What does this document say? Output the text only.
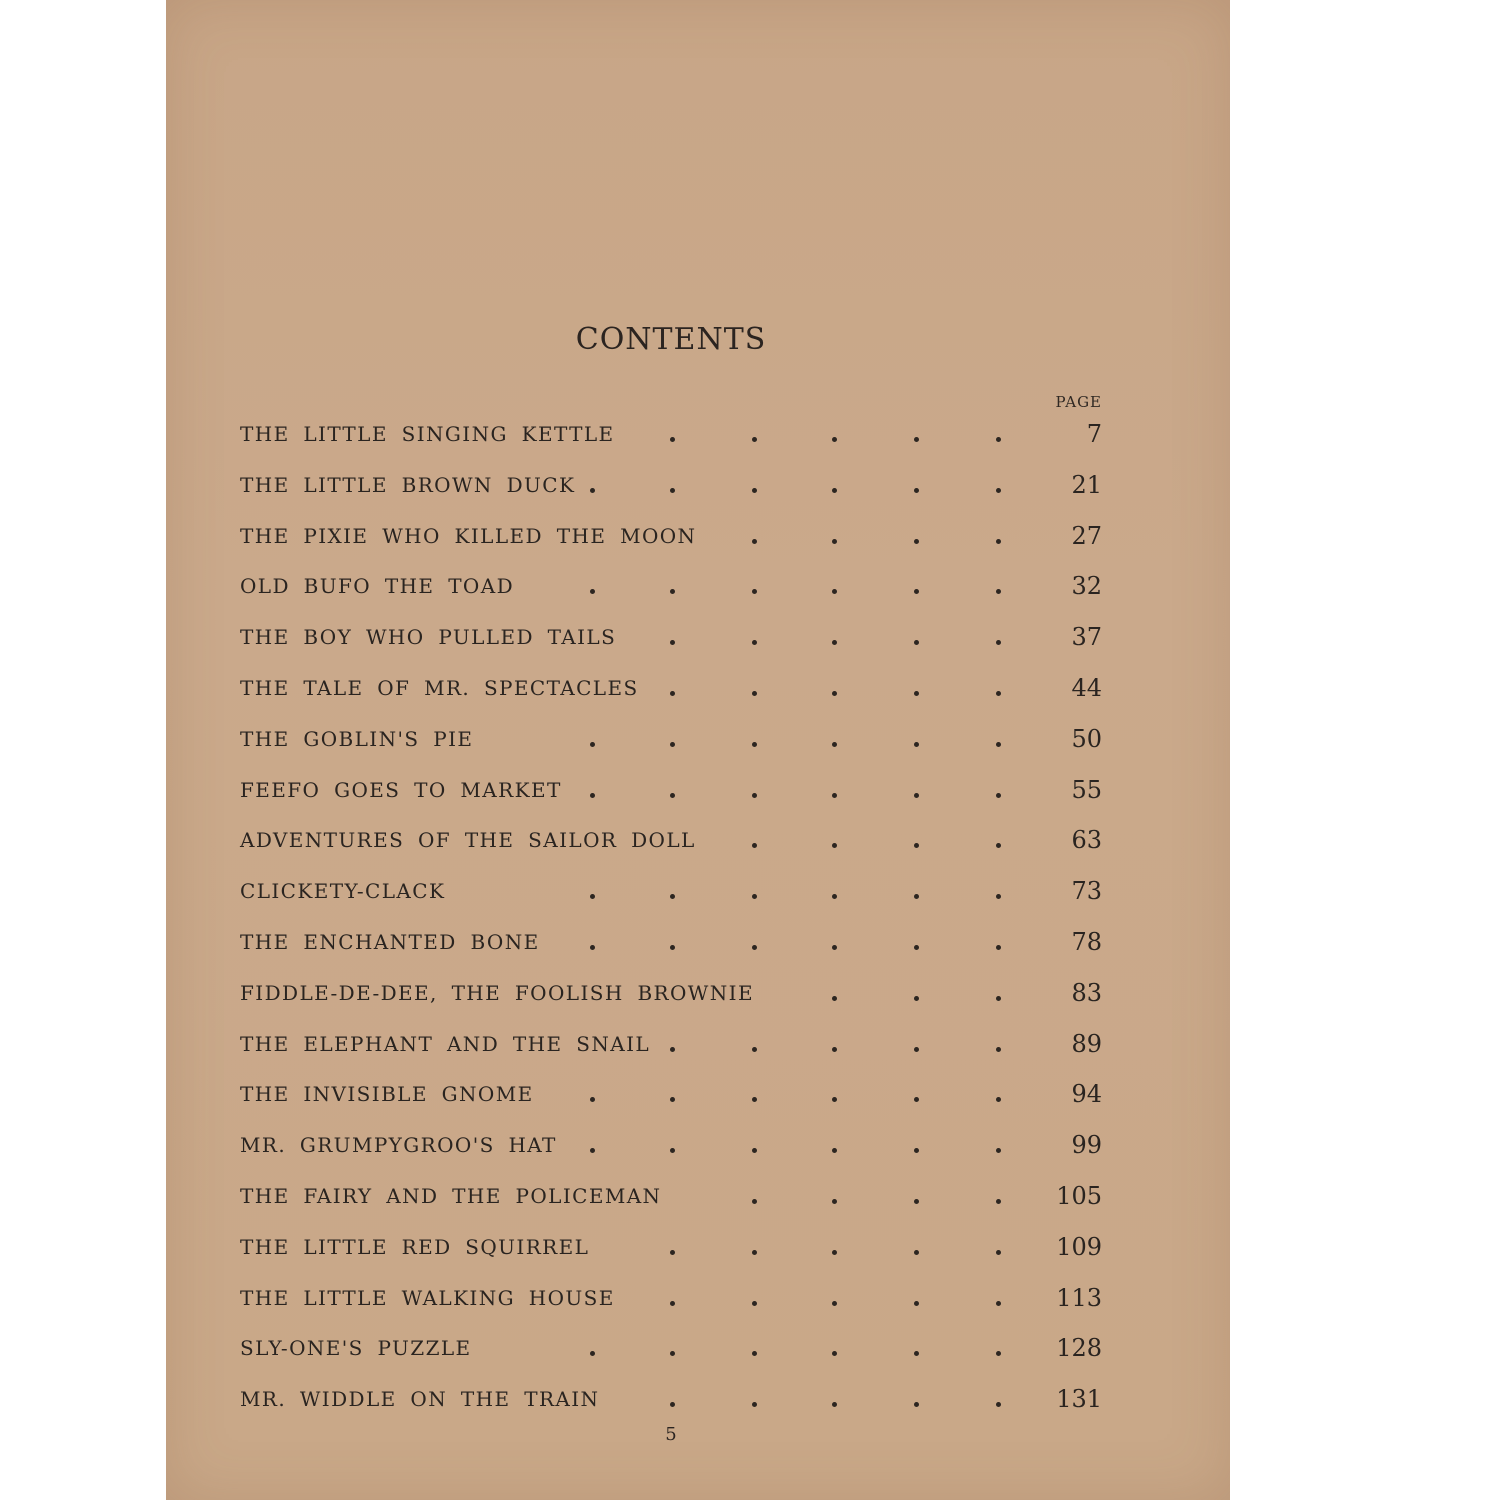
CONTENTS
PAGE
THE LITTLE SINGING KETTLE	7
THE LITTLE BROWN DUCK	21
THE PIXIE WHO KILLED THE MOON	27
OLD BUFO THE TOAD	32
THE BOY WHO PULLED TAILS	37
THE TALE OF MR. SPECTACLES	44
THE GOBLIN'S PIE	50
FEEFO GOES TO MARKET	55
ADVENTURES OF THE SAILOR DOLL	63
CLICKETY-CLACK	73
THE ENCHANTED BONE	78
FIDDLE-DE-DEE, THE FOOLISH BROWNIE	83
THE ELEPHANT AND THE SNAIL	89
THE INVISIBLE GNOME	94
MR. GRUMPYGROO'S HAT	99
THE FAIRY AND THE POLICEMAN	105
THE LITTLE RED SQUIRREL	109
THE LITTLE WALKING HOUSE	113
SLY-ONE'S PUZZLE	128
MR. WIDDLE ON THE TRAIN	131
5
